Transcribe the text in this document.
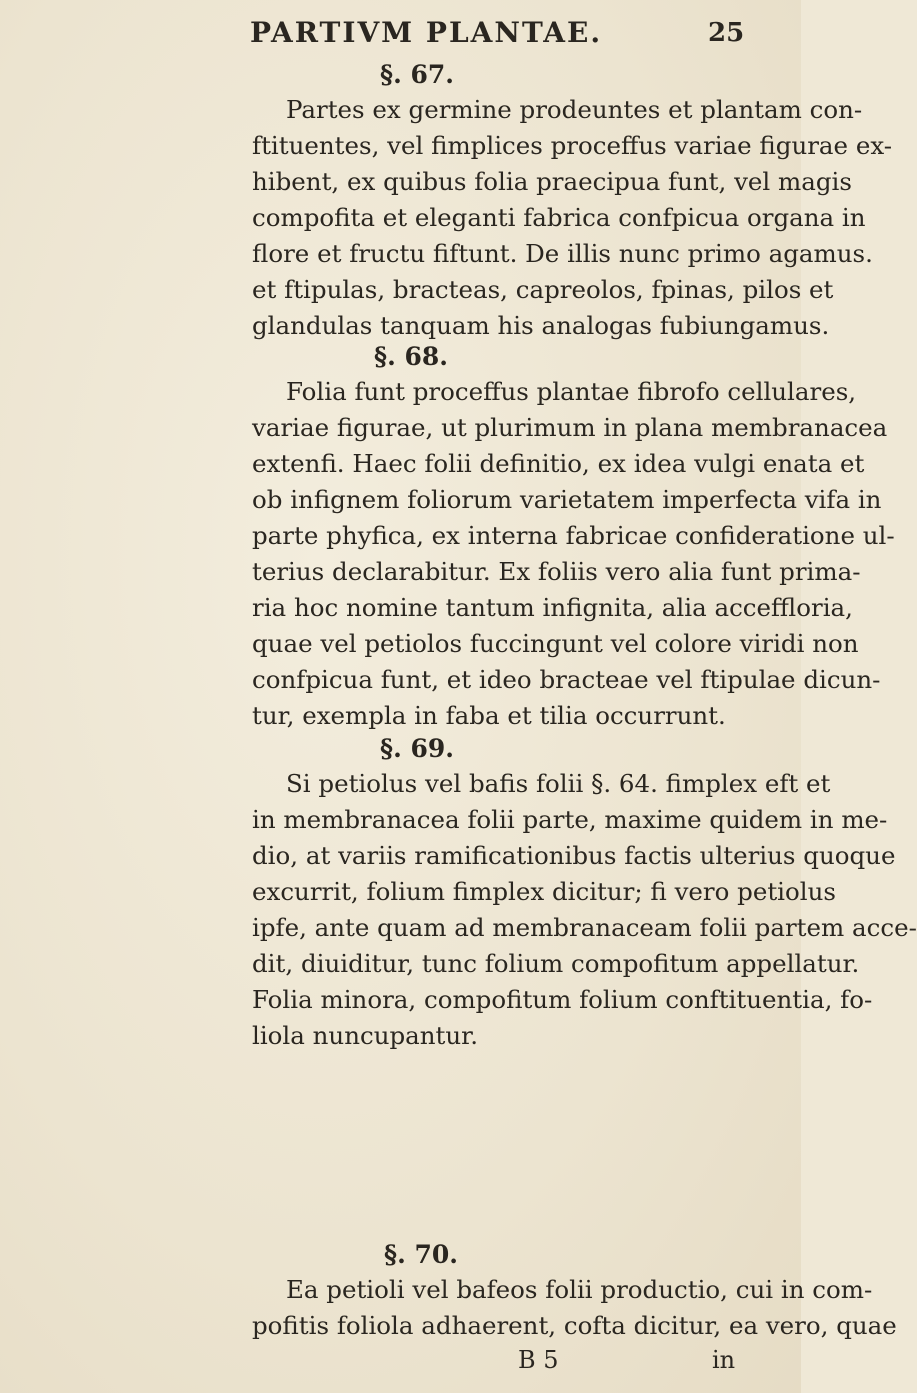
PARTIVM PLANTAE.	25
§. 67.

Partes ex germine prodeuntes et plantam con-

ftituentes, vel fimplices proceffus variae figurae ex-

hibent, ex quibus folia praecipua funt, vel magis

compofita et eleganti fabrica confpicua organa in

flore et fructu fiftunt. De illis nunc primo agamus.

et ftipulas, bracteas, capreolos, fpinas, pilos et

glandulas tanquam his analogas fubiungamus.

§. 68.

Folia funt proceffus plantae fibrofo cellulares,

variae figurae, ut plurimum in plana membranacea

extenfi. Haec folii definitio, ex idea vulgi enata et

ob infignem foliorum varietatem imperfecta vifa in

parte phyfica, ex interna fabricae confideratione ul-

terius declarabitur. Ex foliis vero alia funt prima-

ria hoc nomine tantum infignita, alia acceffloria,

quae vel petiolos fuccingunt vel colore viridi non

confpicua funt, et ideo bracteae vel ftipulae dicun-

tur, exempla in faba et tilia occurrunt.

§. 69.

Si petiolus vel bafis folii §. 64. fimplex eft et

in membranacea folii parte, maxime quidem in me-

dio, at variis ramificationibus factis ulterius quoque

excurrit, folium fimplex dicitur; fi vero petiolus

ipfe, ante quam ad membranaceam folii partem acce-

dit, diuiditur, tunc folium compofitum appellatur.

Folia minora, compofitum folium conftituentia, fo-

liola nuncupantur.

§. 70.

Ea petioli vel bafeos folii productio, cui in com-

pofitis foliola adhaerent, cofta dicitur, ea vero, quae

B 5	in
